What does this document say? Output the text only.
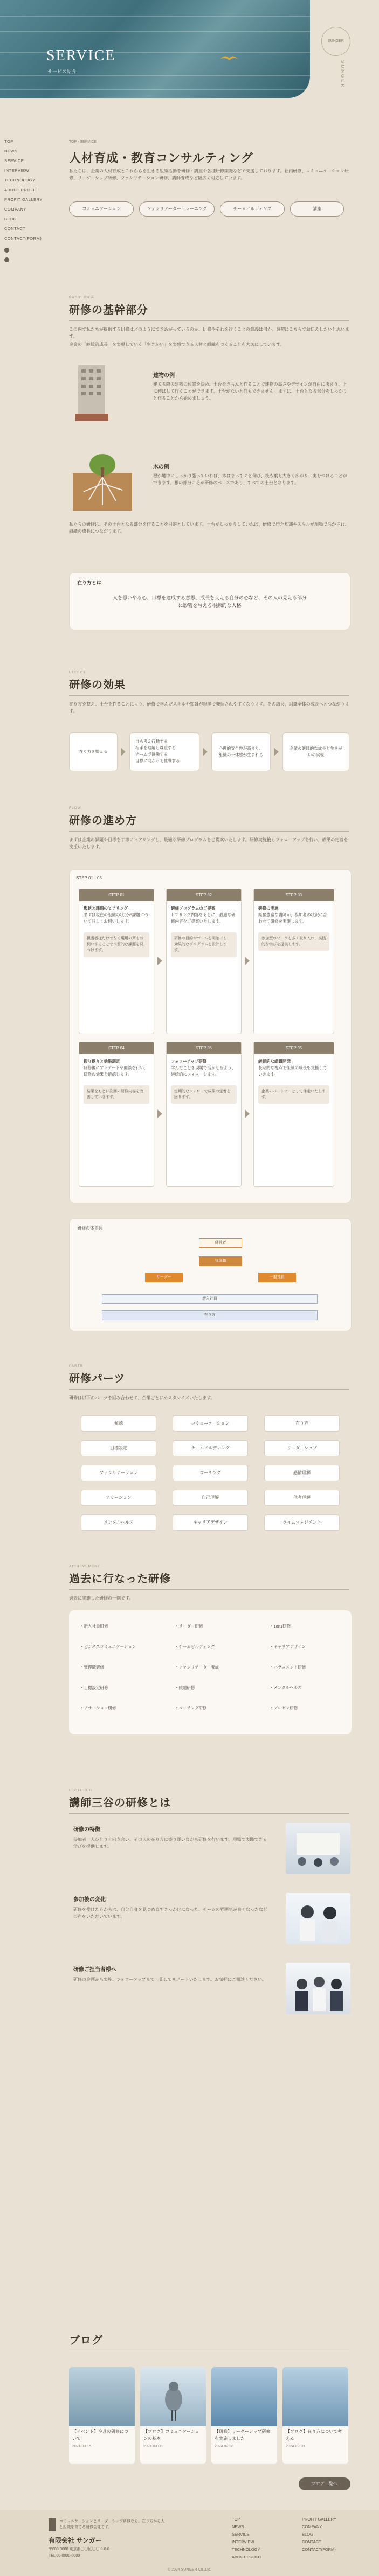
SERVICE
サービス紹介
SUNGER
SUNGER
TOP
NEWS
SERVICE
INTERVIEW
TECHNOLOGY
ABOUT PROFIT
PROFIT GALLERY
COMPANY
BLOG
CONTACT
CONTACT(FORM)
TOP › SERVICE
人材育成・教育コンサルティング
私たちは、企業の人材育成とこれからを生きる組織活動を研修・講座や各種研修開発などで支援しております。社内研修、コミュニケーション研修、リーダーシップ研修、ファシリテーション研修、講師養成など幅広く対応しています。
コミュニケーション	ファシリテータートレーニング	チームビルディング	講座
BASIC IDEA
研修の基幹部分
この内で私たちが提供する研修はどのようにできあがっているのか、研修やそれを行うことの意義は何か。最初にこちらでお伝えしたいと思います。
企業の「継続的成長」を実現していく「生きがい」を実感できる人材と組織をつくることを大切にしています。
建物の例
建てる際の建物の位置を決め、土台をきちんと作ることで建物の高さやデザインが自由に決まり、上に伸ばして行くことができます。土台がないと何もできません。まずは、土台となる部分をしっかりと作ることから始めましょう。
木の例
根が地中にしっかり張っていれば、木はまっすぐと伸び、枝も葉も大きく広がり、実をつけることができます。根の部分こそが研修のベースであり、すべての土台となります。
私たちの研修は、その土台となる部分を作ることを目的としています。土台がしっかりしていれば、研修で得た知識やスキルが現場で活かされ、組織の成長につながります。
在り方とは
人を思いやる心、目標を達成する意思、成長を支える自分の心など、その人の見える部分に影響を与える根源的な人格
EFFECT
研修の効果
在り方を整え、土台を作ることにより、研修で学んだスキルや知識が現場で発揮されやすくなります。その結果、組織全体の成長へとつながります。
在り方を整える
自ら考え行動する
相手を理解し尊重する
チームで協働する
目標に向かって挑戦する
心理的安全性が高まり、組織の一体感が生まれる
企業の継続的な成長と生きがいの実現
FLOW
研修の進め方
まずは企業の課題や目標を丁寧にヒアリングし、最適な研修プログラムをご提案いたします。研修実施後もフォローアップを行い、成果の定着を支援いたします。
STEP 01 - 03
STEP 01
現状と課題のヒアリング
まずは現在の組織の状況や課題について詳しくお伺いします。
担当者様だけでなく現場の声もお伺いすることで本質的な課題を見つけます。
STEP 02
研修プログラムのご提案
ヒアリング内容をもとに、最適な研修内容をご提案いたします。
研修の目的やゴールを明確にし、効果的なプログラムを設計します。
STEP 03
研修の実施
経験豊富な講師が、参加者の状況に合わせて研修を実施します。
参加型のワークを多く取り入れ、実践的な学びを提供します。
STEP 04
振り返りと効果測定
研修後にアンケートや面談を行い、研修の効果を確認します。
結果をもとに次回の研修内容を改善していきます。
STEP 05
フォローアップ研修
学んだことを現場で活かせるよう、継続的にフォローします。
定期的なフォローで成果の定着を図ります。
STEP 06
継続的な組織開発
長期的な視点で組織の成長を支援していきます。
企業のパートナーとして伴走いたします。
研修の体系図
経営者
管理職
リーダー	一般社員
新入社員
在り方
PARTS
研修パーツ
研修は以下のパーツを組み合わせて、企業ごとにカスタマイズいたします。
傾聴	コミュニケーション	在り方
目標設定	チームビルディング	リーダーシップ
ファシリテーション	コーチング	感情理解
アサーション	自己理解	他者理解
メンタルヘルス	キャリアデザイン	タイムマネジメント
ACHIEVEMENT
過去に行なった研修
過去に実施した研修の一例です。
・新入社員研修
・ビジネスコミュニケーション
・管理職研修
・目標設定研修
・アサーション研修
・リーダー研修
・チームビルディング
・ファシリテーター養成
・傾聴研修
・コーチング研修
・1on1研修
・キャリアデザイン
・ハラスメント研修
・メンタルヘルス
・プレゼン研修
LECTURER
講師三谷の研修とは
研修の特徴
参加者一人ひとりと向き合い、その人の在り方に寄り添いながら研修を行います。現場で実践できる学びを提供します。
参加後の変化
研修を受けた方からは、自分自身を見つめ直すきっかけになった、チームの雰囲気が良くなったなどの声をいただいています。
研修ご担当者様へ
研修の企画から実施、フォローアップまで一貫してサポートいたします。お気軽にご相談ください。
ブログ
【イベント】今月の研修について
2024.03.15
【ブログ】コミュニケーションの基本
2024.03.08
【研修】リーダーシップ研修を実施しました
2024.02.28
【ブログ】在り方について考える
2024.02.20
ブログ一覧へ
コミュニケーションとリーダーシップ研修なら。在り方から人と組織を育てる研修会社です。
有限会社 サンガー
〒000-0000 東京都〇〇区〇〇 0-0-0
TEL 00-0000-0000
TOP
NEWS
SERVICE
INTERVIEW
TECHNOLOGY
ABOUT PROFIT
PROFIT GALLERY
COMPANY
BLOG
CONTACT
CONTACT(FORM)
© 2024 SUNGER Co.,Ltd.
